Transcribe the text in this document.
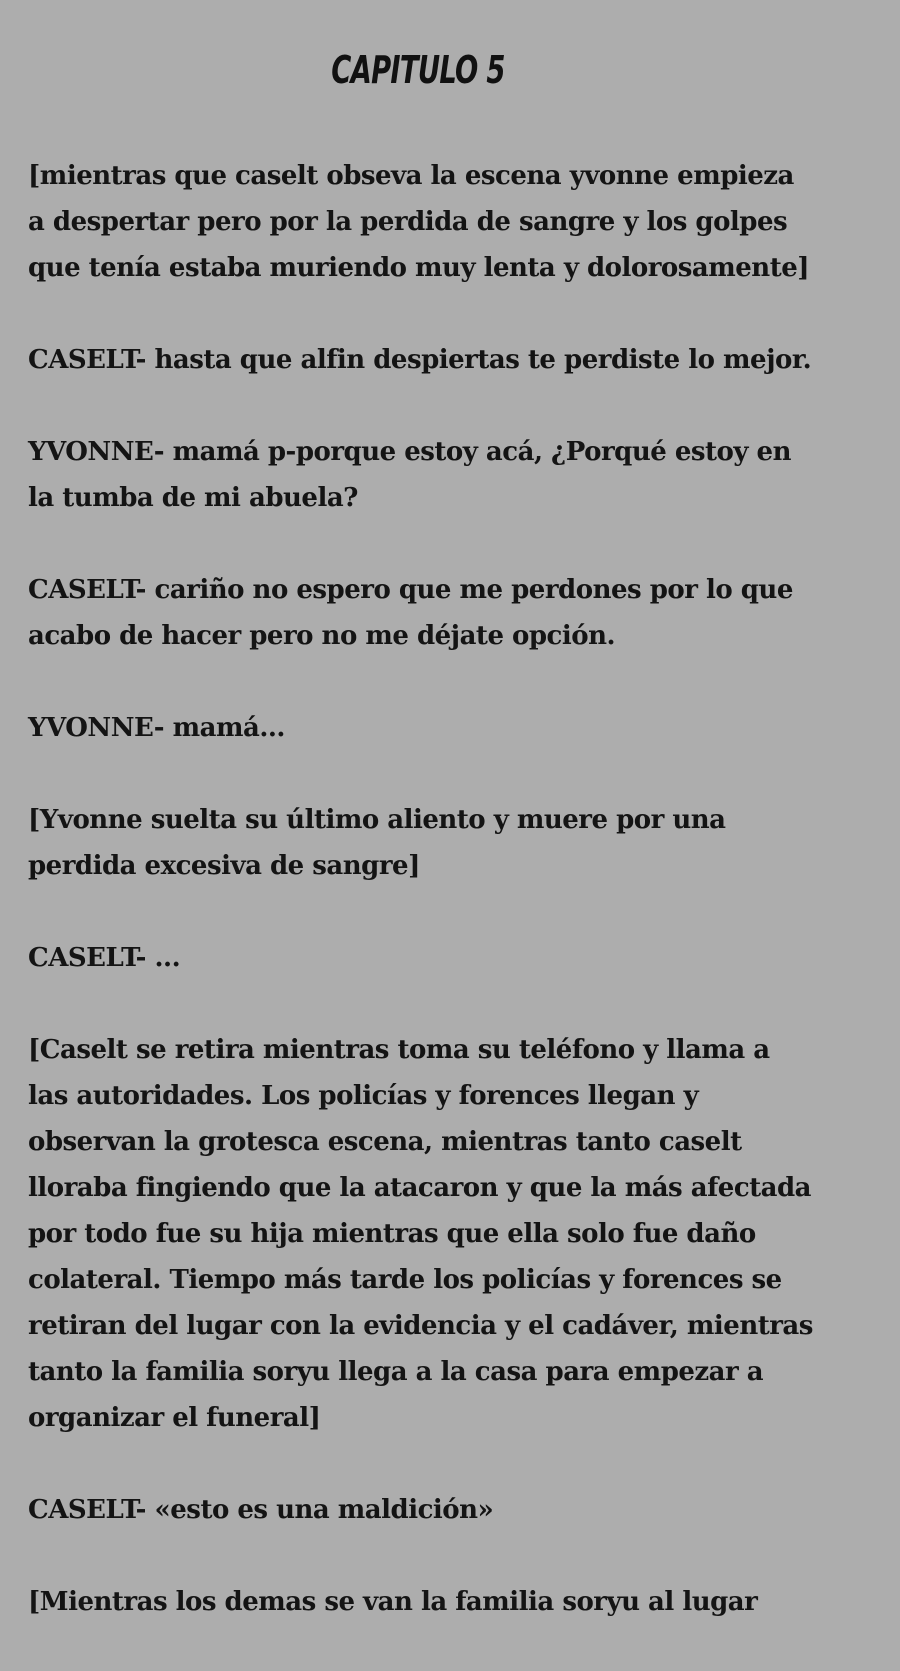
CAPITULO 5

[mientras que caselt obseva la escena yvonne empieza a despertar pero por la perdida de sangre y los golpes que tenía estaba muriendo muy lenta y dolorosamente]

CASELT- hasta que alfin despiertas te perdiste lo mejor.

YVONNE- mamá p-porque estoy acá, ¿Porqué estoy en la tumba de mi abuela?

CASELT- cariño no espero que me perdones por lo que acabo de hacer pero no me déjate opción.

YVONNE- mamá...

[Yvonne suelta su último aliento y muere por una perdida excesiva de sangre]

CASELT- ...

[Caselt se retira mientras toma su teléfono y llama a las autoridades. Los policías y forences llegan y observan la grotesca escena, mientras tanto caselt lloraba fingiendo que la atacaron y que la más afectada por todo fue su hija mientras que ella solo fue daño colateral. Tiempo más tarde los policías y forences se retiran del lugar con la evidencia y el cadáver, mientras tanto la familia soryu llega a la casa para empezar a organizar el funeral]

CASELT- «esto es una maldición»

[Mientras los demas se van la familia soryu al lugar
